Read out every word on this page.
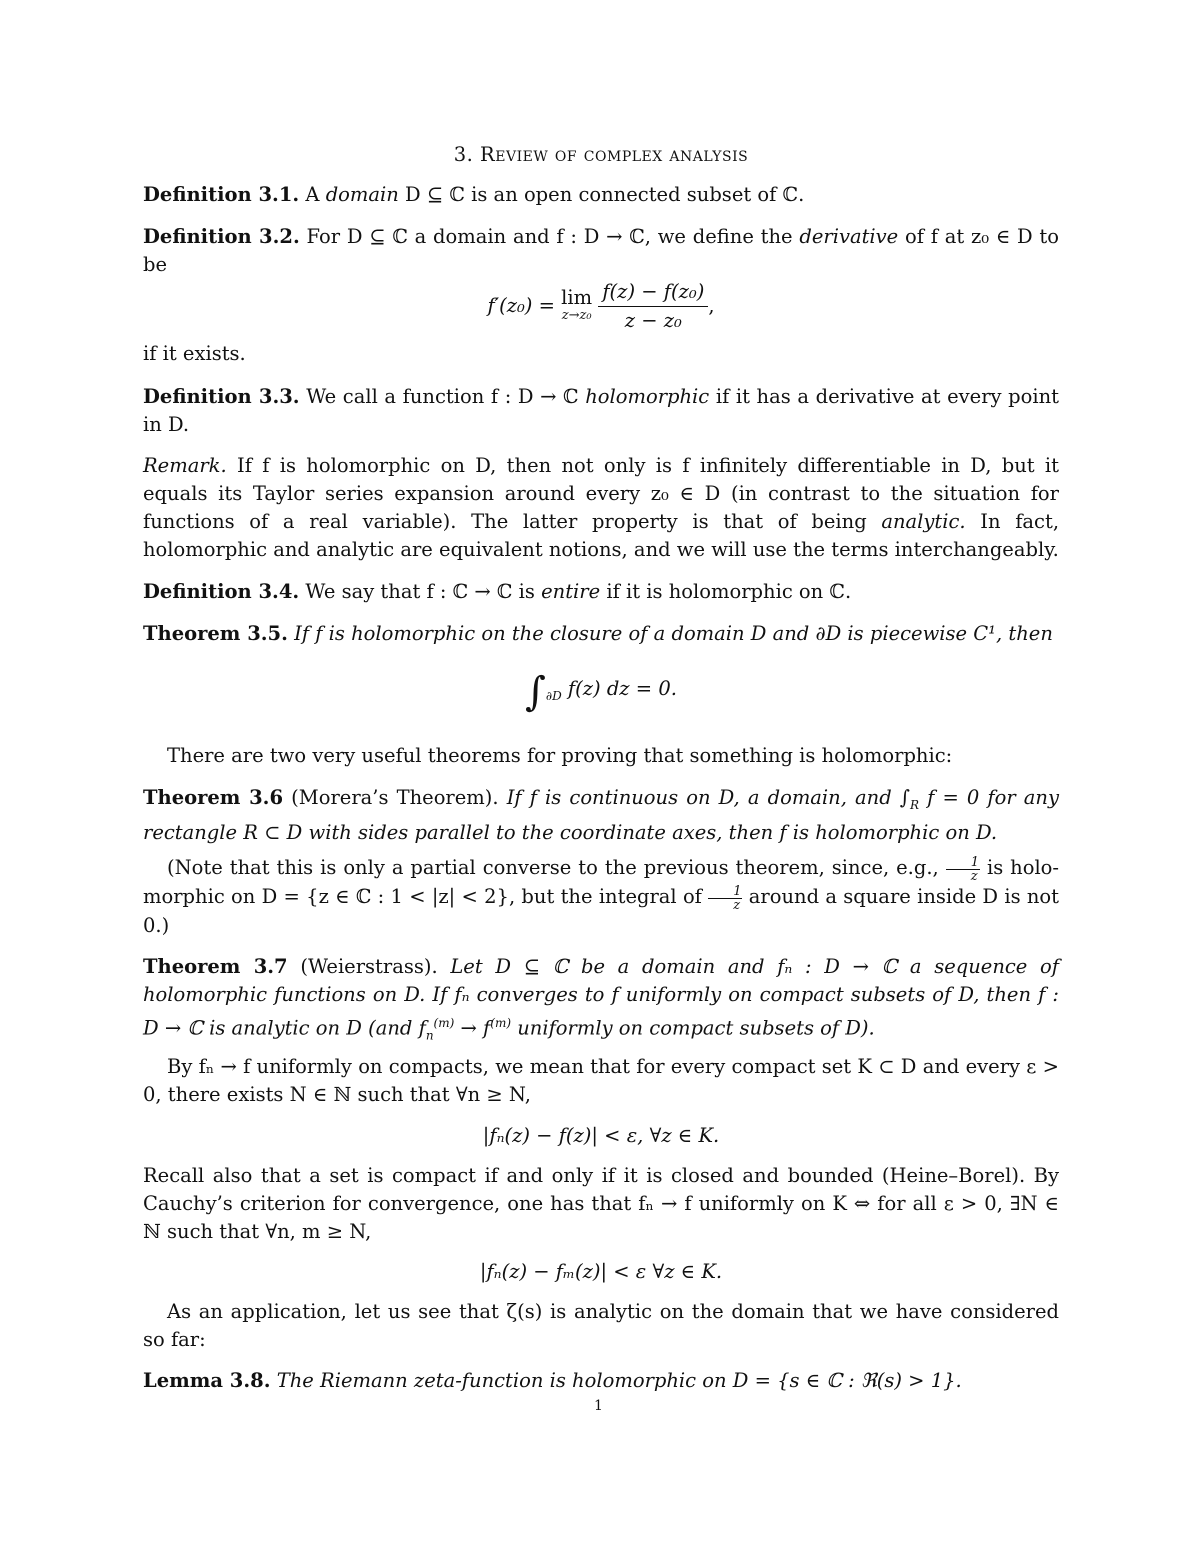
3. Review of complex analysis
Definition 3.1. A domain D ⊆ ℂ is an open connected subset of ℂ.
Definition 3.2. For D ⊆ ℂ a domain and f : D → ℂ, we define the derivative of f at z₀ ∈ D to be
f′(z₀) = lim
z→z₀
$\frac{\text{f(z) − f(z₀)}}{\text{z − z₀}}$ ,
if it exists.
Definition 3.3. We call a function f : D → ℂ holomorphic if it has a derivative at every point in D.
Remark. If f is holomorphic on D, then not only is f infinitely differentiable in D, but it equals its Taylor series expansion around every z₀ ∈ D (in contrast to the situation for functions of a real variable). The latter property is that of being analytic. In fact, holomorphic and analytic are equivalent notions, and we will use the terms interchangeably.
Definition 3.4. We say that f : ℂ → ℂ is entire if it is holomorphic on ℂ.
Theorem 3.5. If f is holomorphic on the closure of a domain D and ∂D is piecewise C¹, then
$\int_{\partial D}$ f(z) dz = 0.
There are two very useful theorems for proving that something is holomorphic:
Theorem 3.6 (Morera’s Theorem). If f is continuous on D, a domain, and $\int_R$ f = 0 for any rectangle R ⊂ D with sides parallel to the coordinate axes, then f is holomorphic on D.
(Note that this is only a partial converse to the previous theorem, since, e.g., $\frac{1}{z}$ is holo-morphic on D = {z ∈ ℂ : 1 < |z| < 2}, but the integral of $\frac{1}{z}$ around a square inside D is not 0.)
Theorem 3.7 (Weierstrass). Let D ⊆ ℂ be a domain and fₙ : D → ℂ a sequence of holomorphic functions on D. If fₙ converges to f uniformly on compact subsets of D, then f : D → ℂ is analytic on D (and $f_n^{(m)} \to f^{(m)}$ uniformly on compact subsets of D).
By fₙ → f uniformly on compacts, we mean that for every compact set K ⊂ D and every ε > 0, there exists N ∈ ℕ such that ∀n ≥ N,
|fₙ(z) − f(z)| < ε, ∀z ∈ K.
Recall also that a set is compact if and only if it is closed and bounded (Heine–Borel). By Cauchy’s criterion for convergence, one has that fₙ → f uniformly on K ⇔ for all ε > 0, ∃N ∈ ℕ such that ∀n, m ≥ N,
|fₙ(z) − fₘ(z)| < ε ∀z ∈ K.
As an application, let us see that ζ(s) is analytic on the domain that we have considered so far:
Lemma 3.8. The Riemann zeta-function is holomorphic on D = {s ∈ ℂ : ℜ(s) > 1}.
1
